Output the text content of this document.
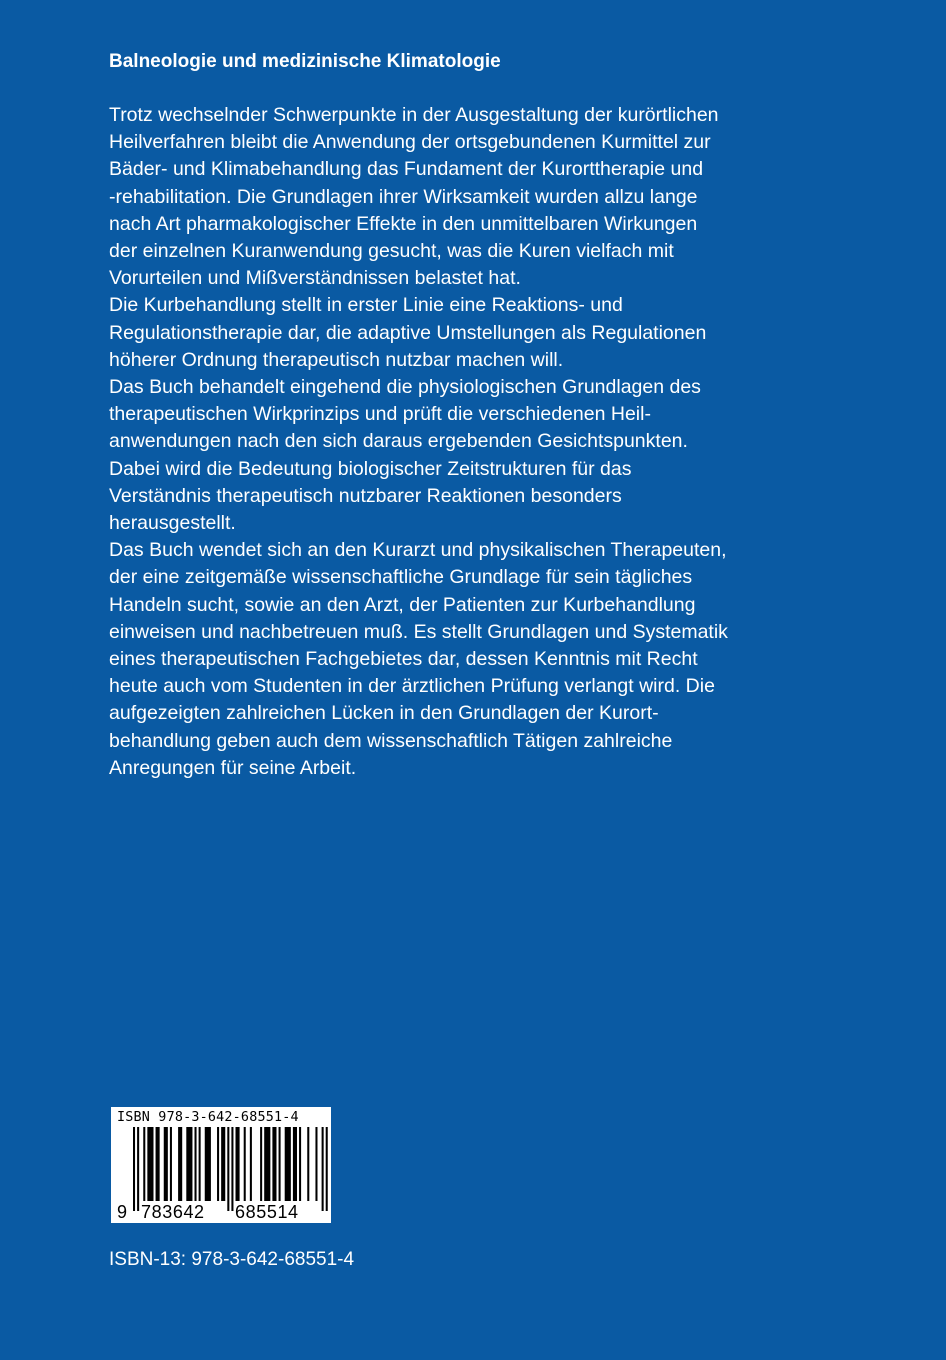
Balneologie und medizinische Klimatologie
Trotz wechselnder Schwerpunkte in der Ausgestaltung der kurörtlichen
Heilverfahren bleibt die Anwendung der ortsgebundenen Kurmittel zur
Bäder- und Klimabehandlung das Fundament der Kurorttherapie und
-rehabilitation. Die Grundlagen ihrer Wirksamkeit wurden allzu lange
nach Art pharmakologischer Effekte in den unmittelbaren Wirkungen
der einzelnen Kuranwendung gesucht, was die Kuren vielfach mit
Vorurteilen und Mißverständnissen belastet hat.
Die Kurbehandlung stellt in erster Linie eine Reaktions- und
Regulationstherapie dar, die adaptive Umstellungen als Regulationen
höherer Ordnung therapeutisch nutzbar machen will.
Das Buch behandelt eingehend die physiologischen Grundlagen des
therapeutischen Wirkprinzips und prüft die verschiedenen Heil-
anwendungen nach den sich daraus ergebenden Gesichtspunkten.
Dabei wird die Bedeutung biologischer Zeitstrukturen für das
Verständnis therapeutisch nutzbarer Reaktionen besonders
herausgestellt.
Das Buch wendet sich an den Kurarzt und physikalischen Therapeuten,
der eine zeitgemäße wissenschaftliche Grundlage für sein tägliches
Handeln sucht, sowie an den Arzt, der Patienten zur Kurbehandlung
einweisen und nachbetreuen muß. Es stellt Grundlagen und Systematik
eines therapeutischen Fachgebietes dar, dessen Kenntnis mit Recht
heute auch vom Studenten in der ärztlichen Prüfung verlangt wird. Die
aufgezeigten zahlreichen Lücken in den Grundlagen der Kurort-
behandlung geben auch dem wissenschaftlich Tätigen zahlreiche
Anregungen für seine Arbeit.
ISBN 978-3-642-68551-4
9 783642 685514
ISBN-13: 978-3-642-68551-4
